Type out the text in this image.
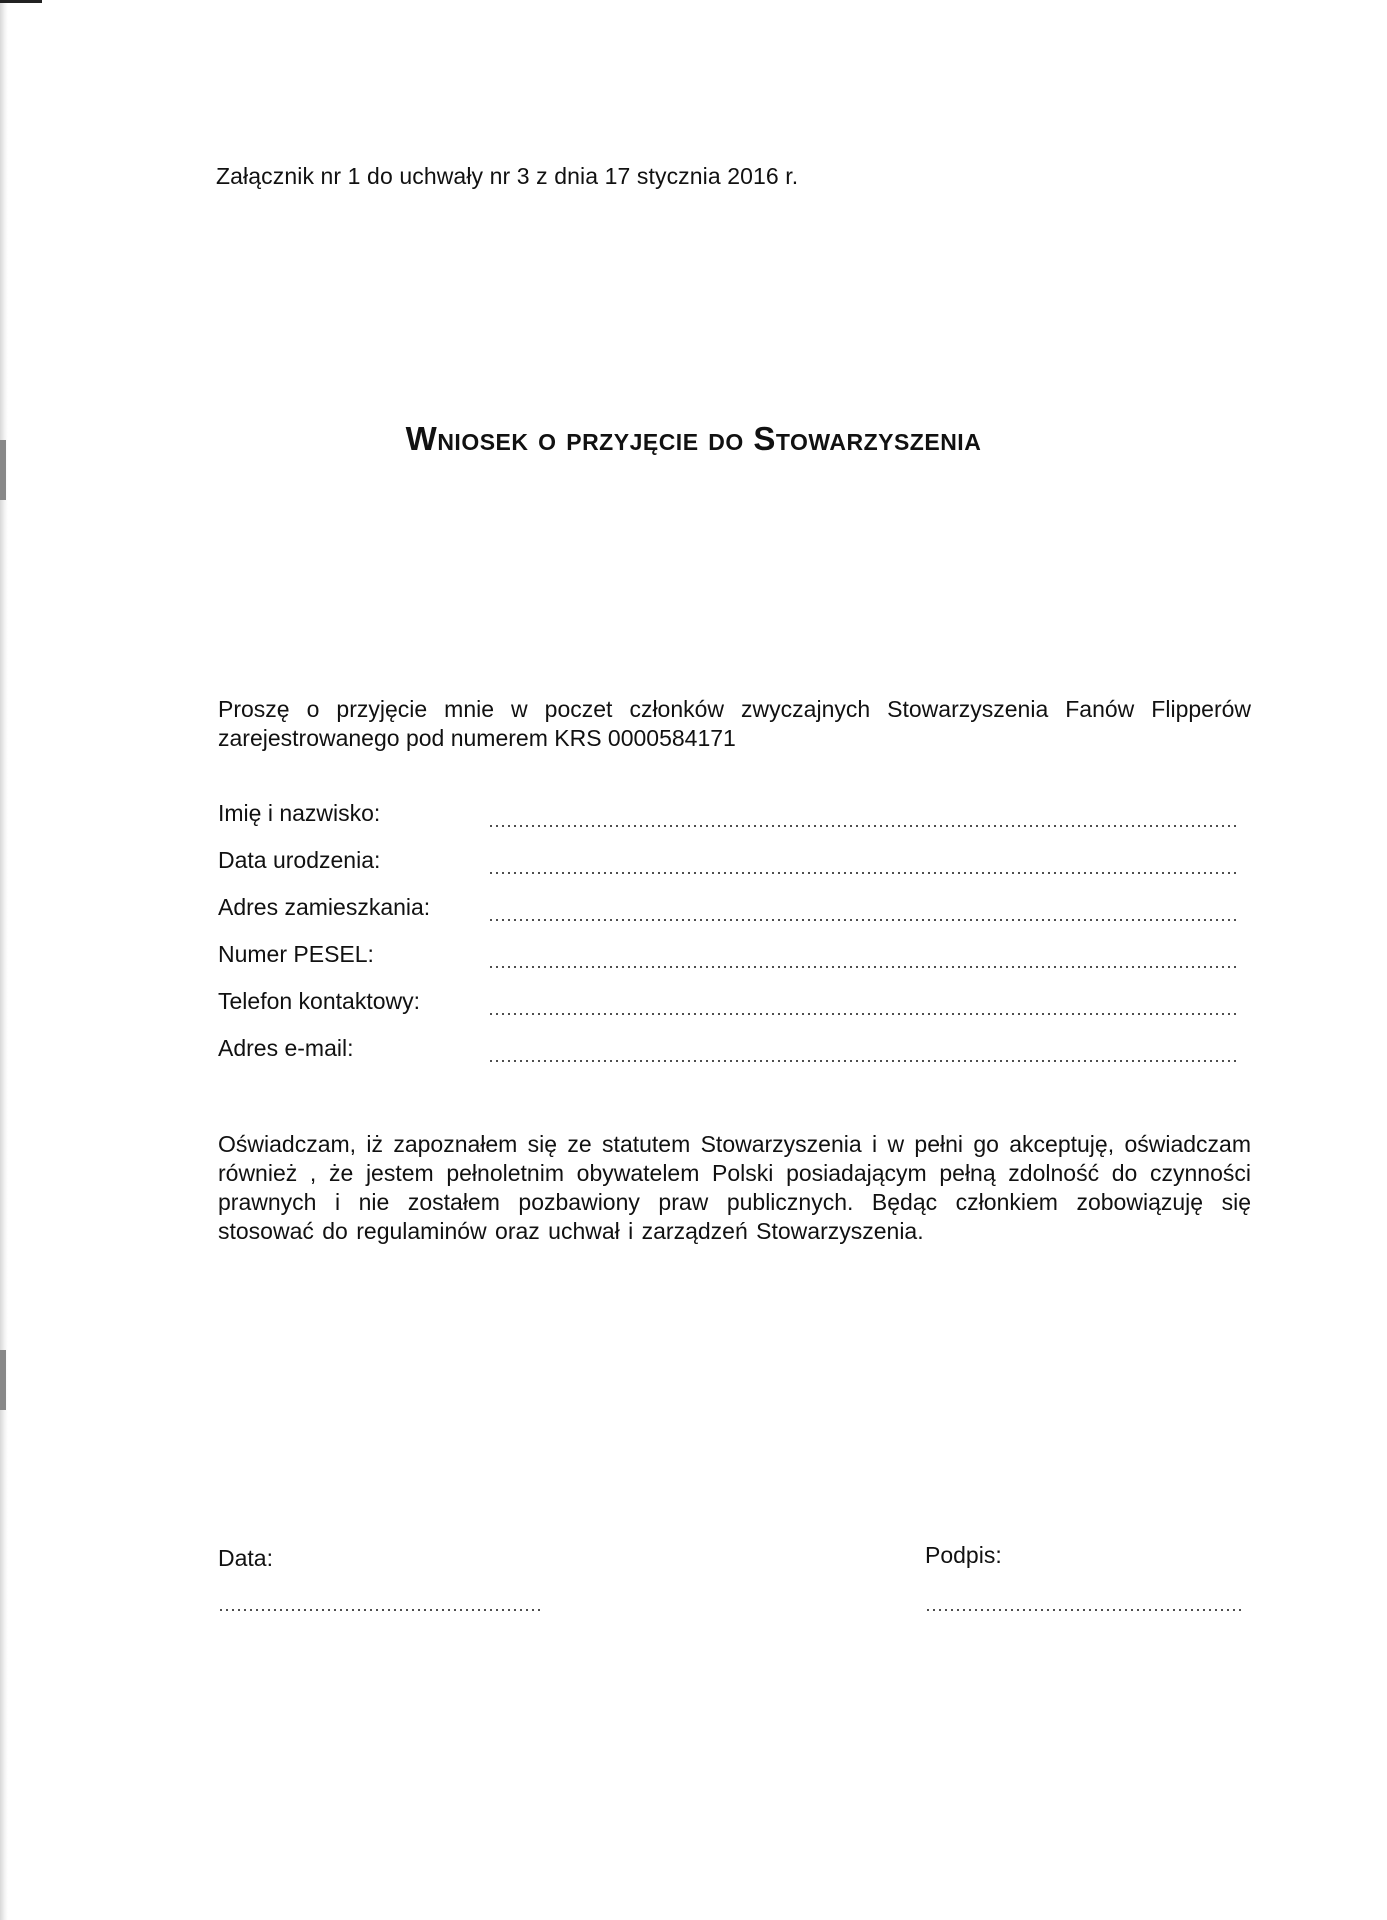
Załącznik nr 1 do uchwały nr 3 z dnia 17 stycznia 2016 r.
Wniosek o przyjęcie do Stowarzyszenia
Proszę o przyjęcie mnie w poczet członków zwyczajnych Stowarzyszenia Fanów Flipperów zarejestrowanego pod numerem KRS 0000584171
Imię i nazwisko:
Data urodzenia:
Adres zamieszkania:
Numer PESEL:
Telefon kontaktowy:
Adres e-mail:
Oświadczam, iż zapoznałem się ze statutem Stowarzyszenia i w pełni go akceptuję, oświadczam również , że jestem pełnoletnim obywatelem Polski posiadającym pełną zdolność do czynności prawnych i nie zostałem pozbawiony praw publicznych. Będąc członkiem zobowiązuję się stosować do regulaminów oraz uchwał i zarządzeń Stowarzyszenia.
Data:	Podpis:
